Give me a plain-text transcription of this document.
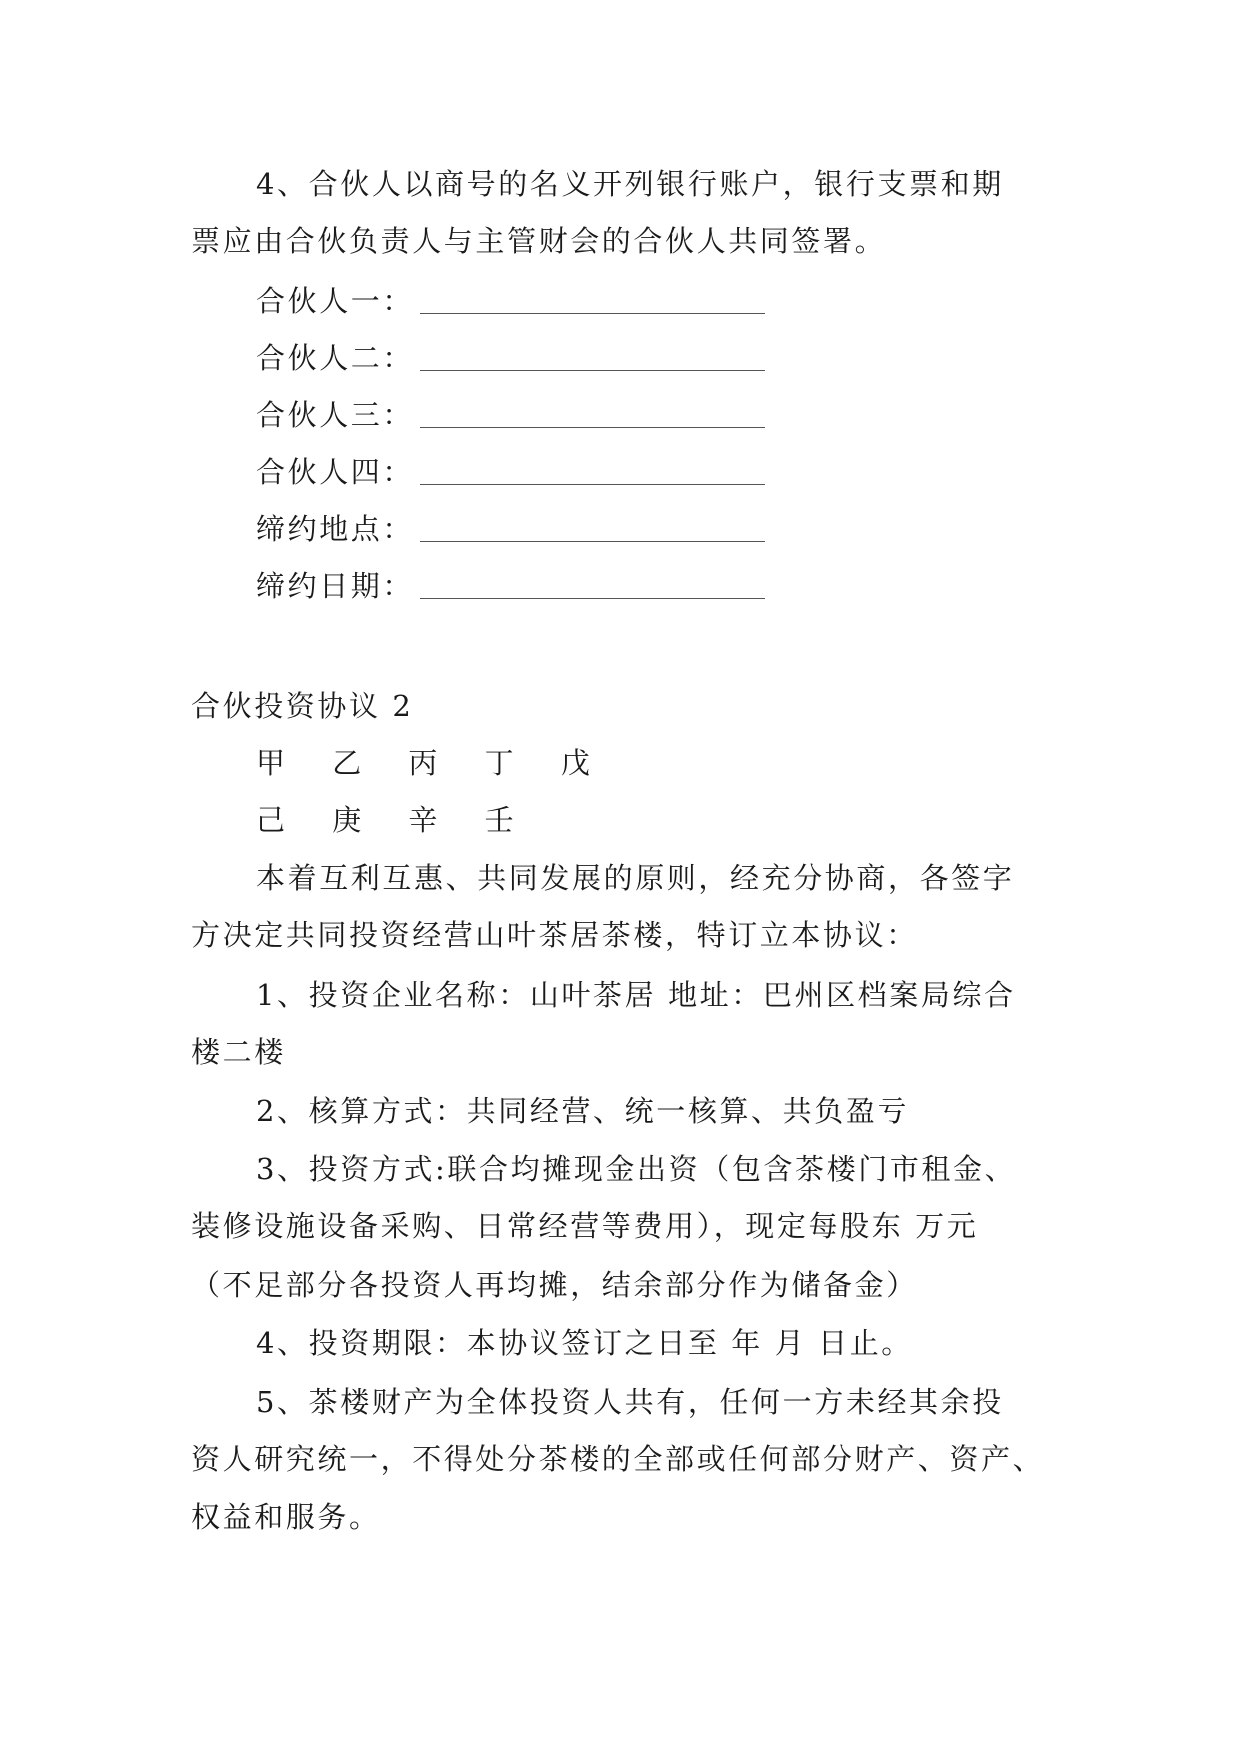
4、合伙人以商号的名义开列银行账户，银行支票和期
票应由合伙负责人与主管财会的合伙人共同签署。
合伙人一：
合伙人二：
合伙人三：
合伙人四：
缔约地点：
缔约日期：
合伙投资协议 2
甲 乙 丙 丁 戊
己 庚 辛 壬
本着互利互惠、共同发展的原则，经充分协商，各签字
方决定共同投资经营山叶茶居茶楼，特订立本协议：
1、投资企业名称：山叶茶居 地址：巴州区档案局综合
楼二楼
2、核算方式：共同经营、统一核算、共负盈亏
3、投资方式:联合均摊现金出资（包含茶楼门市租金、
装修设施设备采购、日常经营等费用），现定每股东 万元
（不足部分各投资人再均摊，结余部分作为储备金）
4、投资期限：本协议签订之日至 年 月 日止。
5、茶楼财产为全体投资人共有，任何一方未经其余投
资人研究统一，不得处分茶楼的全部或任何部分财产、资产、
权益和服务。
